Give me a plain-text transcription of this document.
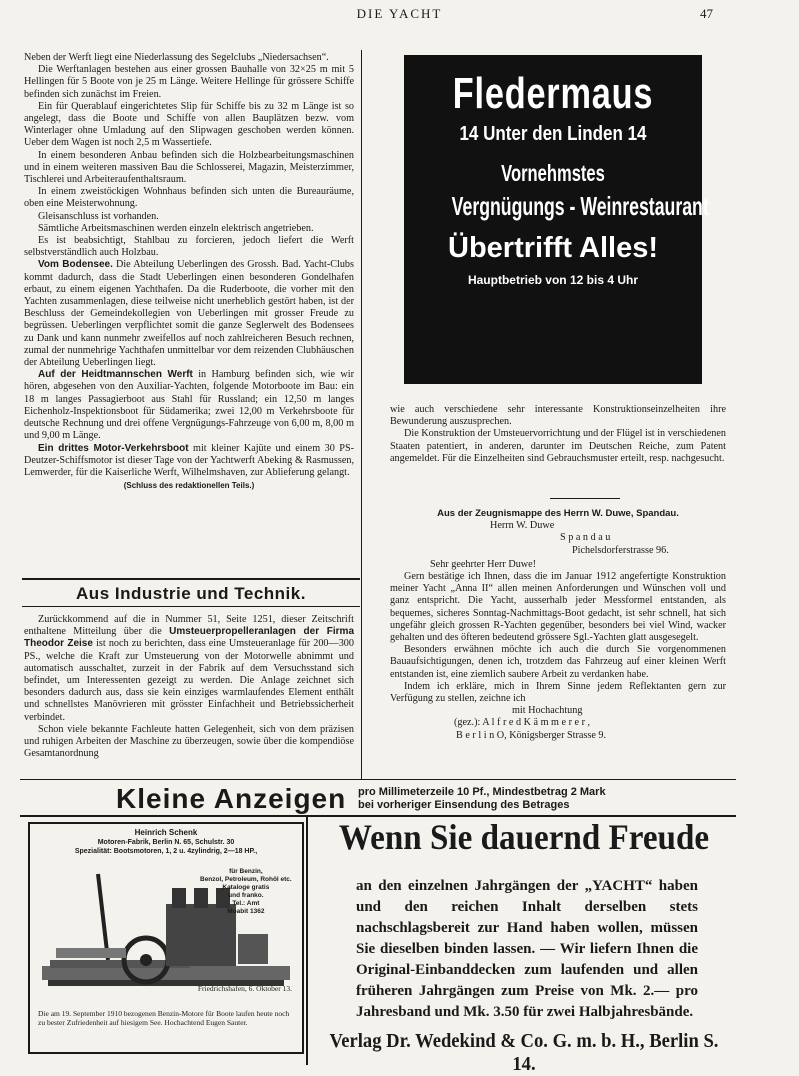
DIE YACHT	47

Neben der Werft liegt eine Niederlassung des Segelclubs „Niedersachsen“.

Die Werftanlagen bestehen aus einer grossen Bauhalle von 32×25 m mit 5 Hellingen für 5 Boote von je 25 m Länge. Weitere Hellinge für grössere Schiffe befinden sich zunächst im Freien.

Ein für Querablauf eingerichtetes Slip für Schiffe bis zu 32 m Länge ist so angelegt, dass die Boote und Schiffe von allen Bauplätzen bezw. vom Winterlager ohne Umladung auf den Slipwagen geschoben werden können. Ueber dem Wagen ist noch 2,5 m Wassertiefe.

In einem besonderen Anbau befinden sich die Holzbearbeitungsmaschinen und in einem weiteren massiven Bau die Schlosserei, Magazin, Meisterzimmer, Tischlerei und Arbeiteraufenthaltsraum.

In einem zweistöckigen Wohnhaus befinden sich unten die Bureauräume, oben eine Meisterwohnung.

Gleisanschluss ist vorhanden.

Sämtliche Arbeitsmaschinen werden einzeln elektrisch angetrieben.

Es ist beabsichtigt, Stahlbau zu forcieren, jedoch liefert die Werft selbstverständlich auch Holzbau.

Vom Bodensee. Die Abteilung Ueberlingen des Grossh. Bad. Yacht-Clubs kommt dadurch, dass die Stadt Ueberlingen einen besonderen Gondelhafen erbaut, zu einem eigenen Yachthafen. Da die Ruderboote, die vorher mit den Yachten zusammenlagen, diese teilweise nicht unerheblich gestört haben, ist der Beschluss der Gemeindekollegien von Ueberlingen mit grosser Freude zu begrüssen. Ueberlingen verpflichtet somit die ganze Seglerwelt des Bodensees zu Dank und kann nunmehr zweifellos auf noch zahlreicheren Besuch rechnen, zumal der nunmehrige Yachthafen unmittelbar vor dem reizenden Clubhäuschen der Abteilung Ueberlingen liegt.

Auf der Heidtmannschen Werft in Hamburg befinden sich, wie wir hören, abgesehen von den Auxiliar-Yachten, folgende Motorboote im Bau: ein 18 m langes Passagierboot aus Stahl für Russland; ein 12,50 m langes Eichenholz-Inspektionsboot für Südamerika; zwei 12,00 m Verkehrsboote für deutsche Rechnung und drei offene Vergnügungs-Fahrzeuge von 6,00 m, 8,00 m und 9,00 m Länge.

Ein drittes Motor-Verkehrsboot mit kleiner Kajüte und einem 30 PS-Deutzer-Schiffsmotor ist dieser Tage von der Yachtwerft Abeking & Rasmussen, Lemwerder, für die Kaiserliche Werft, Wilhelmshaven, zur Ablieferung gelangt.

(Schluss des redaktionellen Teils.)
Aus Industrie und Technik.

Zurückkommend auf die in Nummer 51, Seite 1251, dieser Zeitschrift enthaltene Mitteilung über die Umsteuerpropelleranlagen der Firma Theodor Zeise ist noch zu berichten, dass eine Umsteueranlage für 200—300 PS., welche die Kraft zur Umsteuerung von der Motorwelle abnimmt und automatisch ausschaltet, zurzeit in der Fabrik auf dem Versuchsstand sich befindet, um Interessenten gezeigt zu werden. Die Anlage zeichnet sich besonders dadurch aus, dass sie kein einziges warmlaufendes Element enthält und schnellstes Manövrieren mit grösster Einfachheit und Betriebssicherheit verbindet.

Schon viele bekannte Fachleute hatten Gelegenheit, sich von dem präzisen und ruhigen Arbeiten der Maschine zu überzeugen, sowie über die kompendiöse Gesamtanordnung

Fledermaus
14 Unter den Linden 14
Vornehmstes
Vergnügungs - Weinrestaurant
Übertrifft Alles!
Hauptbetrieb von 12 bis 4 Uhr

wie auch verschiedene sehr interessante Konstruktionseinzelheiten ihre Bewunderung auszusprechen.

Die Konstruktion der Umsteuervorrichtung und der Flügel ist in verschiedenen Staaten patentiert, in anderen, darunter im Deutschen Reiche, zum Patent angemeldet. Für die Einzelheiten sind Gebrauchsmuster erteilt, resp. nachgesucht.

Aus der Zeugnismappe des Herrn W. Duwe, Spandau.
Herrn W. Duwe
S p a n d a u
Pichelsdorferstrasse 96.
Sehr geehrter Herr Duwe!

Gern bestätige ich Ihnen, dass die im Januar 1912 angefertigte Konstruktion meiner Yacht „Anna II“ allen meinen Anforderungen und Wünschen voll und ganz entspricht. Die Yacht, ausserhalb jeder Messformel entstanden, als bequemes, sicheres Sonntag-Nachmittags-Boot gedacht, ist sehr schnell, hat sich ungefähr gleich grossen R-Yachten gegenüber, besonders bei viel Wind, wacker gehalten und des öfteren bedeutend grössere Sgl.-Yachten glatt ausgesegelt.

Besonders erwähnen möchte ich auch die durch Sie vorgenommenen Bauaufsichtigungen, denen ich, trotzdem das Fahrzeug auf einer kleinen Werft entstanden ist, eine ziemlich saubere Arbeit zu verdanken habe.

Indem ich erkläre, mich in Ihrem Sinne jedem Reflektanten gern zur Verfügung zu stellen, zeichne ich

mit Hochachtung
(gez.): A l f r e d K ä m m e r e r ,
B e r l i n O, Königsberger Strasse 9.
Kleine Anzeigen pro Millimeterzeile 10 Pf., Mindestbetrag 2 Mark
bei vorheriger Einsendung des Betrages
Heinrich Schenk
Motoren-Fabrik, Berlin N. 65, Schulstr. 30
Spezialität: Bootsmotoren, 1, 2 u. 4zylindrig, 2—18 HP.,
für Benzin,
Benzol, Petroleum, Rohöl etc.
Kataloge gratis
und franko.
Tel.: Amt
Moabit 1362
Friedrichshafen, 6. Oktober 13.
Die am 19. September 1910 bezogenen Benzin-Motore für Boote laufen heute noch zu bester Zufriedenheit auf hiesigem See. Hochachtend Eugen Sauter.
Wenn Sie dauernd Freude
an den einzelnen Jahrgängen der „YACHT“ haben und den reichen Inhalt derselben stets nachschlagsbereit zur Hand haben wollen, müssen Sie dieselben binden lassen. — Wir liefern Ihnen die Original-Einbanddecken zum laufenden und allen früheren Jahrgängen zum Preise von Mk. 2.— pro Jahresband und Mk. 3.50 für zwei Halbjahresbände.
Verlag Dr. Wedekind & Co. G. m. b. H., Berlin S. 14.
